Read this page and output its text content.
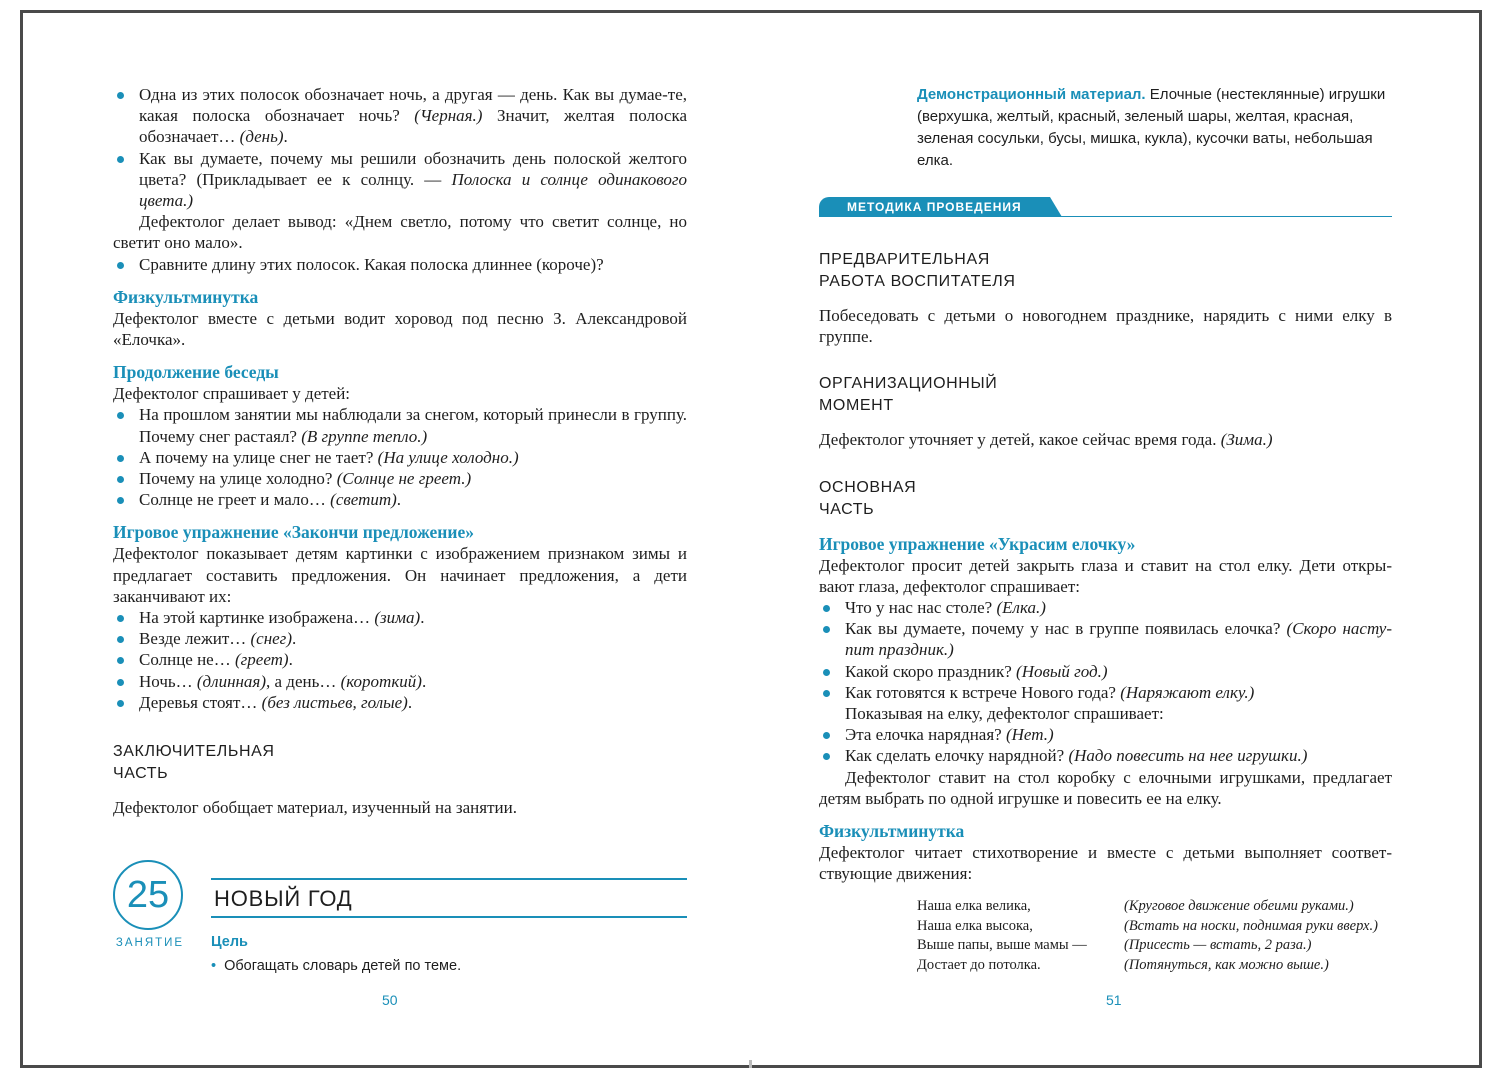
Одна из этих полосок обозначает ночь, а другая — день. Как вы думае-те, какая полоска обозначает ночь? (Черная.) Значит, желтая полоска обозначает… (день).
Как вы думаете, почему мы решили обозначить день полоской желтого цвета? (Прикладывает ее к солнцу. — Полоска и солнце одинакового цвета.)

Дефектолог делает вывод: «Днем светло, потому что светит солнце, но светит оно мало».

Сравните длину этих полосок. Какая полоска длиннее (короче)?
Физкультминутка

Дефектолог вместе с детьми водит хоровод под песню З. Александровой «Елочка».

Продолжение беседы

Дефектолог спрашивает у детей:

На прошлом занятии мы наблюдали за снегом, который принесли в группу. Почему снег растаял? (В группе тепло.)
А почему на улице снег не тает? (На улице холодно.)
Почему на улице холодно? (Солнце не греет.)
Солнце не греет и мало… (светит).
Игровое упражнение «Закончи предложение»

Дефектолог показывает детям картинки с изображением признаком зимы и предлагает составить предложения. Он начинает предложения, а дети заканчивают их:

На этой картинке изображена… (зима).
Везде лежит… (снег).
Солнце не… (греет).
Ночь… (длинная), а день… (короткий).
Деревья стоят… (без листьев, голые).
ЗАКЛЮЧИТЕЛЬНАЯ
ЧАСТЬ

Дефектолог обобщает материал, изученный на занятии.

25
ЗАНЯТИЕ
НОВЫЙ ГОД
Цель
• Обогащать словарь детей по теме.
50

Демонстрационный материал. Елочные (нестеклянные) игрушки (верхушка, желтый, красный, зеленый шары, желтая, красная, зеленая сосульки, бусы, мишка, кукла), кусочки ваты, небольшая елка.

МЕТОДИКА ПРОВЕДЕНИЯ
ПРЕДВАРИТЕЛЬНАЯ
РАБОТА ВОСПИТАТЕЛЯ

Побеседовать с детьми о новогоднем празднике, нарядить с ними елку в группе.

ОРГАНИЗАЦИОННЫЙ
МОМЕНТ

Дефектолог уточняет у детей, какое сейчас время года. (Зима.)

ОСНОВНАЯ
ЧАСТЬ
Игровое упражнение «Украсим елочку»

Дефектолог просит детей закрыть глаза и ставит на стол елку. Дети откры-вают глаза, дефектолог спрашивает:

Что у нас нас столе? (Елка.)
Как вы думаете, почему у нас в группе появилась елочка? (Скоро насту-пит праздник.)
Какой скоро праздник? (Новый год.)
Как готовятся к встрече Нового года? (Наряжают елку.)

Показывая на елку, дефектолог спрашивает:

Эта елочка нарядная? (Нет.)
Как сделать елочку нарядной? (Надо повесить на нее игрушки.)

Дефектолог ставит на стол коробку с елочными игрушками, предлагает детям выбрать по одной игрушке и повесить ее на елку.

Физкультминутка

Дефектолог читает стихотворение и вместе с детьми выполняет соответ-ствующие движения:

Наша елка велика,	(Круговое движение обеими руками.)
Наша елка высока,	(Встать на носки, поднимая руки вверх.)
Выше папы, выше мамы —	(Присесть — встать, 2 раза.)
Достает до потолка.	(Потянуться, как можно выше.)
51
